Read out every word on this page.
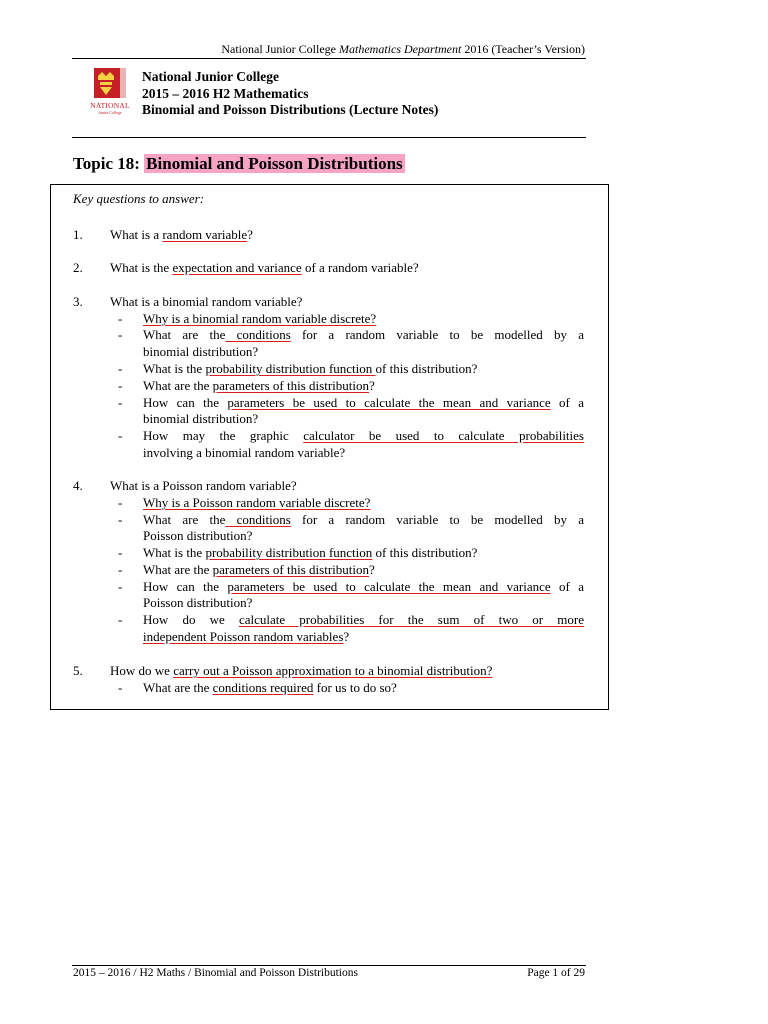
National Junior College Mathematics Department 2016 (Teacher’s Version)
NATIONAL
Junior College
National Junior College
2015 – 2016 H2 Mathematics
Binomial and Poisson Distributions (Lecture Notes)
Topic 18: Binomial and Poisson Distributions
Key questions to answer:
1. What is a random variable?
2. What is the expectation and variance of a random variable?
3. What is a binomial random variable?
- Why is a binomial random variable discrete?
- What are the conditions for a random variable to be modelled by a
binomial distribution?
- What is the probability distribution function of this distribution?
- What are the parameters of this distribution?
- How can the parameters be used to calculate the mean and variance of a
binomial distribution?
- How may the graphic calculator be used to calculate probabilities
involving a binomial random variable?
4. What is a Poisson random variable?
- Why is a Poisson random variable discrete?
- What are the conditions for a random variable to be modelled by a
Poisson distribution?
- What is the probability distribution function of this distribution?
- What are the parameters of this distribution?
- How can the parameters be used to calculate the mean and variance of a
Poisson distribution?
- How do we calculate probabilities for the sum of two or more
independent Poisson random variables?
5. How do we carry out a Poisson approximation to a binomial distribution?
- What are the conditions required for us to do so?
2015 – 2016 / H2 Maths / Binomial and Poisson Distributions	Page 1 of 29
